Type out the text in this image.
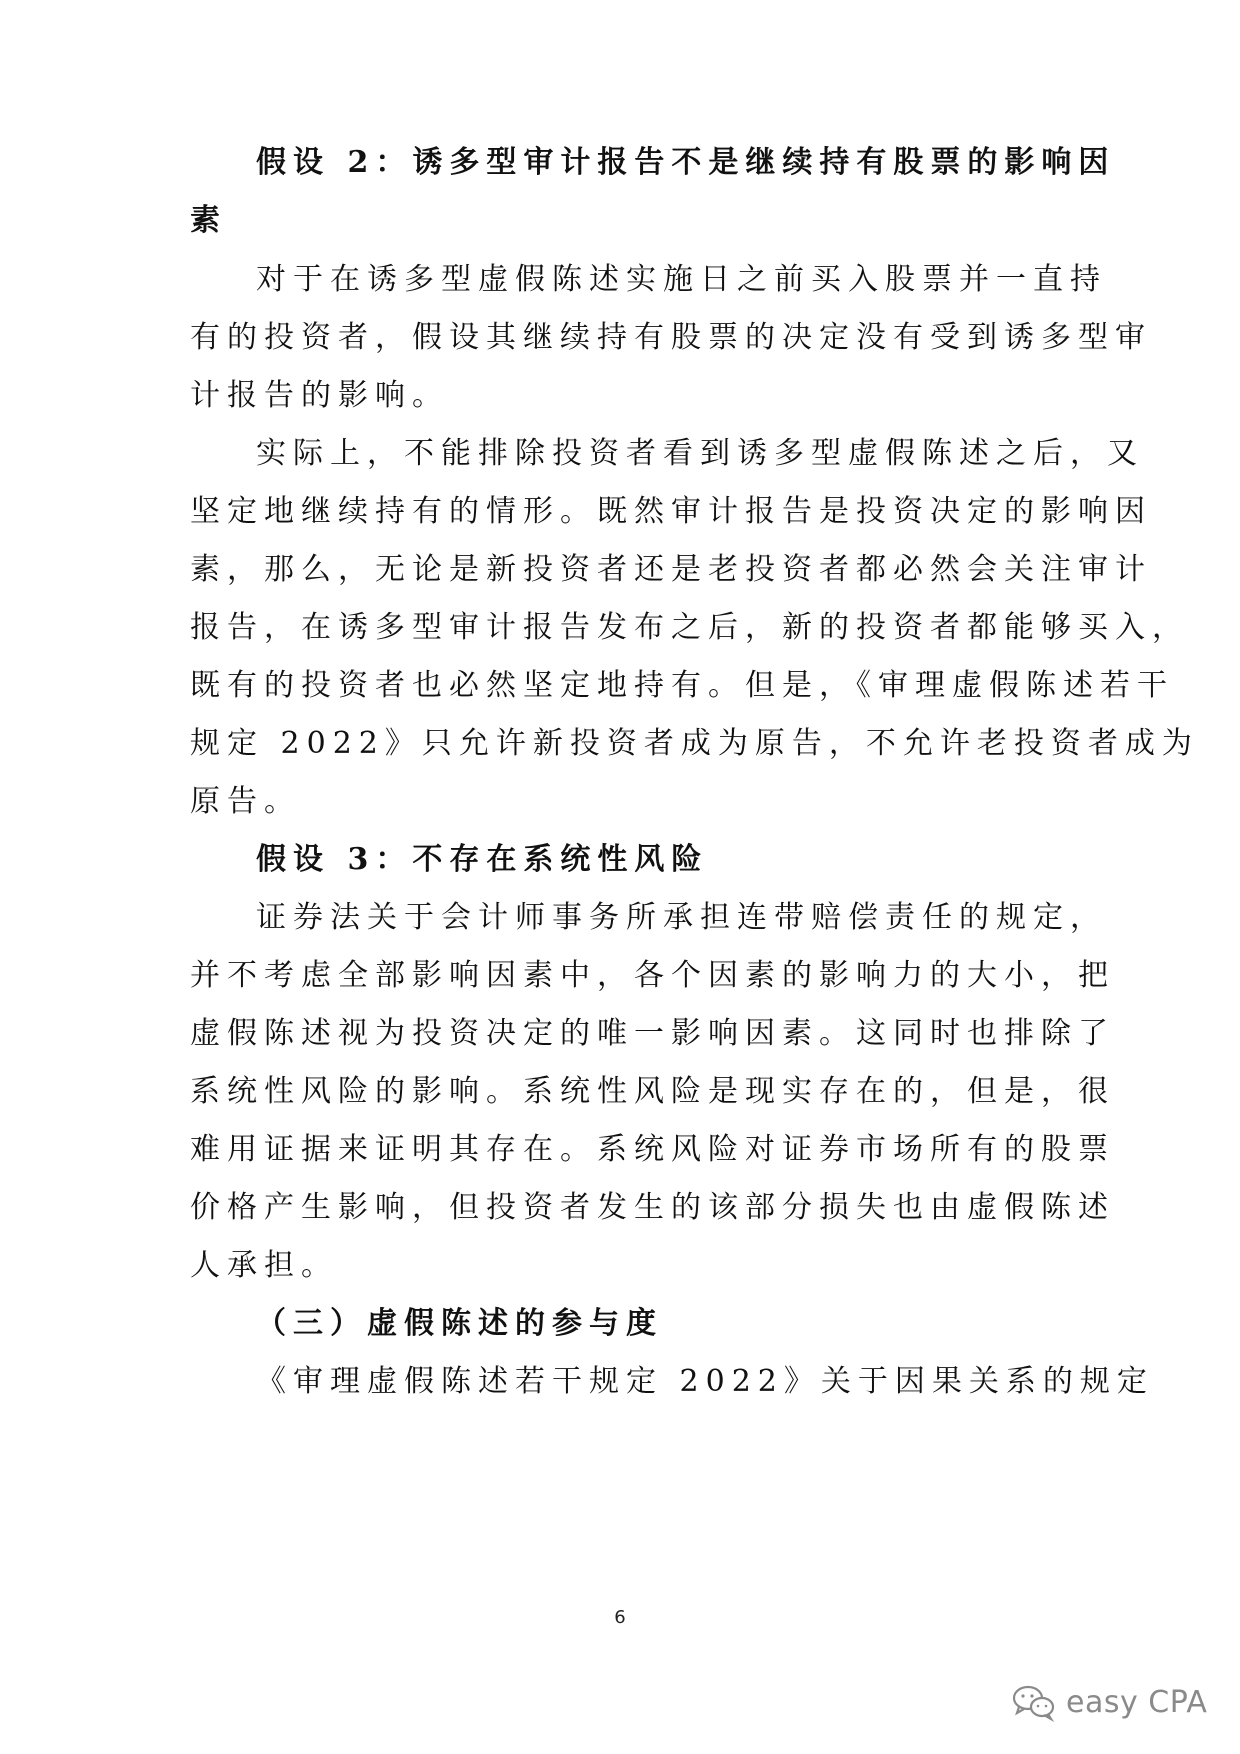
假设 2：诱多型审计报告不是继续持有股票的影响因
素
对于在诱多型虚假陈述实施日之前买入股票并一直持
有的投资者，假设其继续持有股票的决定没有受到诱多型审
计报告的影响。
实际上，不能排除投资者看到诱多型虚假陈述之后，又
坚定地继续持有的情形。既然审计报告是投资决定的影响因
素，那么，无论是新投资者还是老投资者都必然会关注审计
报告，在诱多型审计报告发布之后，新的投资者都能够买入，
既有的投资者也必然坚定地持有。但是，《审理虚假陈述若干
规定 2022》只允许新投资者成为原告，不允许老投资者成为
原告。
假设 3：不存在系统性风险
证券法关于会计师事务所承担连带赔偿责任的规定，
并不考虑全部影响因素中，各个因素的影响力的大小，把
虚假陈述视为投资决定的唯一影响因素。这同时也排除了
系统性风险的影响。系统性风险是现实存在的，但是，很
难用证据来证明其存在。系统风险对证券市场所有的股票
价格产生影响，但投资者发生的该部分损失也由虚假陈述
人承担。
（三）虚假陈述的参与度
《审理虚假陈述若干规定 2022》关于因果关系的规定
6
easy CPA
